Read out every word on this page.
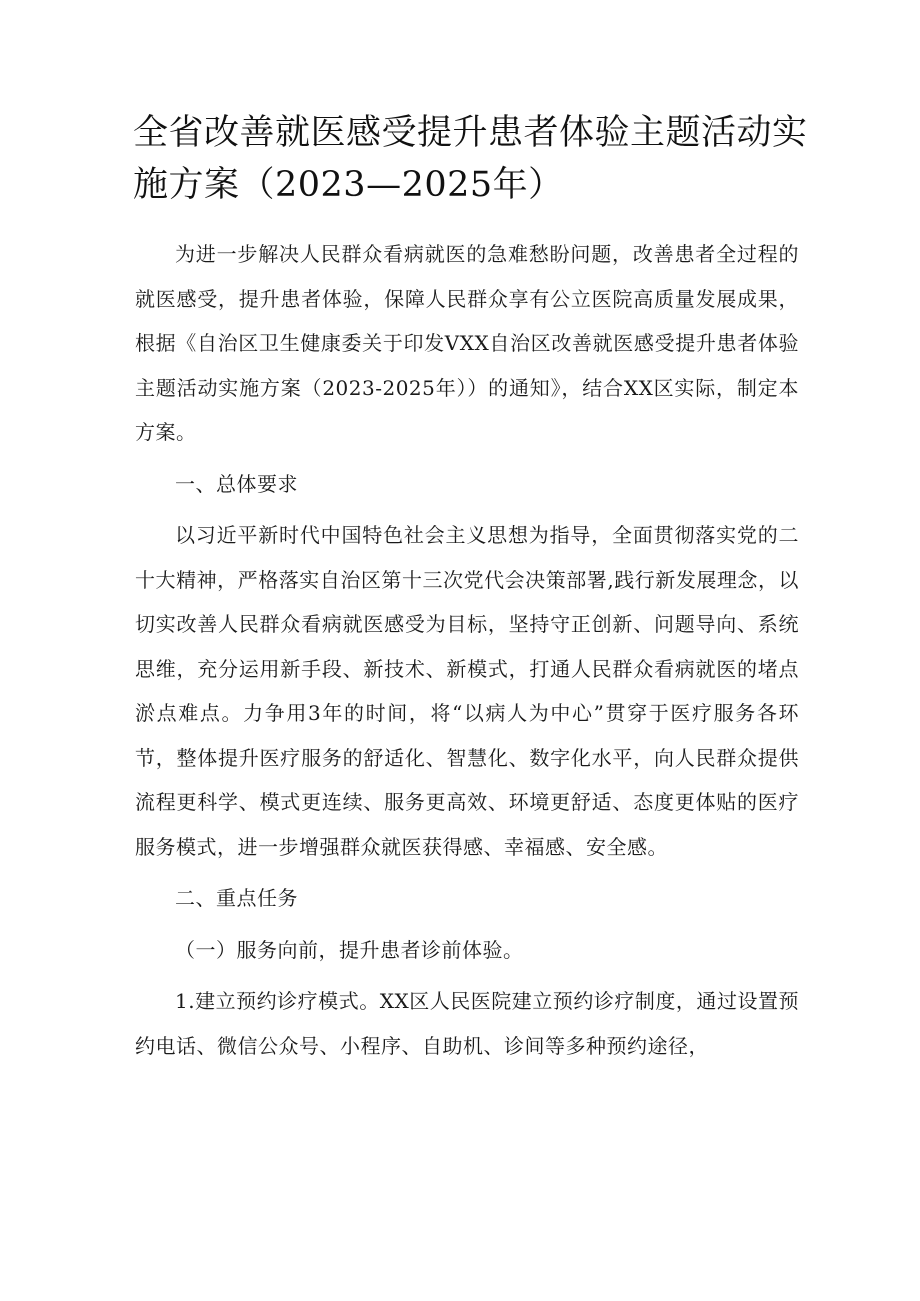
全省改善就医感受提升患者体验主题活动实施方案（2023—2025年）

为进一步解决人民群众看病就医的急难愁盼问题，改善患者全过程的就医感受，提升患者体验，保障人民群众享有公立医院高质量发展成果，根据《自治区卫生健康委关于印发VXX自治区改善就医感受提升患者体验主题活动实施方案（2023-2025年））的通知》，结合XX区实际，制定本方案。

一、总体要求

以习近平新时代中国特色社会主义思想为指导，全面贯彻落实党的二十大精神，严格落实自治区第十三次党代会决策部署,践行新发展理念，以切实改善人民群众看病就医感受为目标，坚持守正创新、问题导向、系统思维，充分运用新手段、新技术、新模式，打通人民群众看病就医的堵点淤点难点。力争用3年的时间，将“以病人为中心”贯穿于医疗服务各环节，整体提升医疗服务的舒适化、智慧化、数字化水平，向人民群众提供流程更科学、模式更连续、服务更高效、环境更舒适、态度更体贴的医疗服务模式，进一步增强群众就医获得感、幸福感、安全感。

二、重点任务

（一）服务向前，提升患者诊前体验。

1.建立预约诊疗模式。XX区人民医院建立预约诊疗制度，通过设置预约电话、微信公众号、小程序、自助机、诊间等多种预约途径，
